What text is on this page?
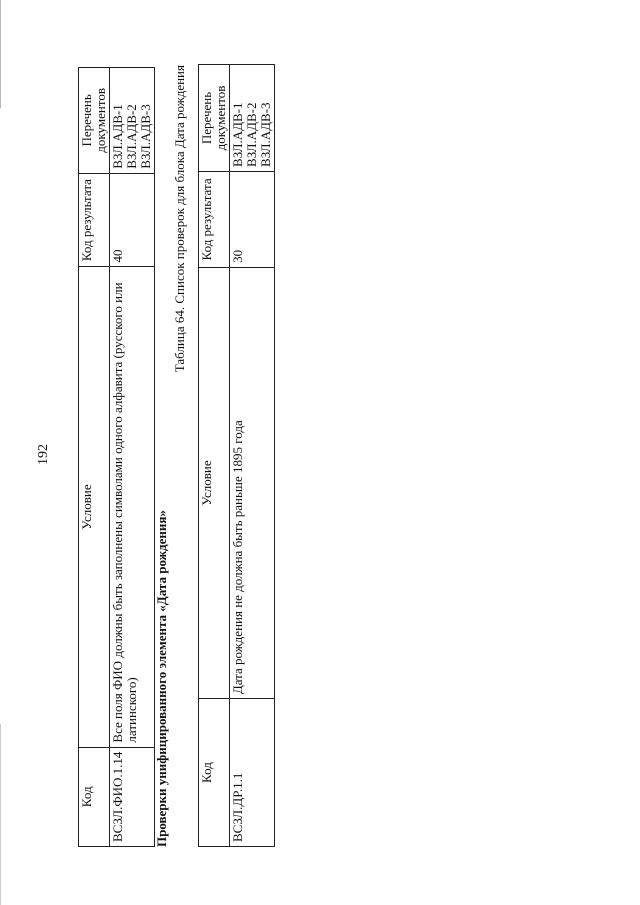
192
Код	Условие	Код результата	Перечень документов
ВСЗЛ.ФИО.1.14	Все поля ФИО должны быть заполнены символами одного алфавита (русского или латинского)	40	ВЗЛ.АДВ-1 ВЗЛ.АДВ-2 ВЗЛ.АДВ-3
Проверки унифицированного элемента «Дата рождения»
Таблица 64. Список проверок для блока Дата рождения
Код	Условие	Код результата	Перечень документов
ВСЗЛ.ДР.1.1	Дата рождения не должна быть раньше 1895 года	30	ВЗЛ.АДВ-1 ВЗЛ.АДВ-2 ВЗЛ.АДВ-3
